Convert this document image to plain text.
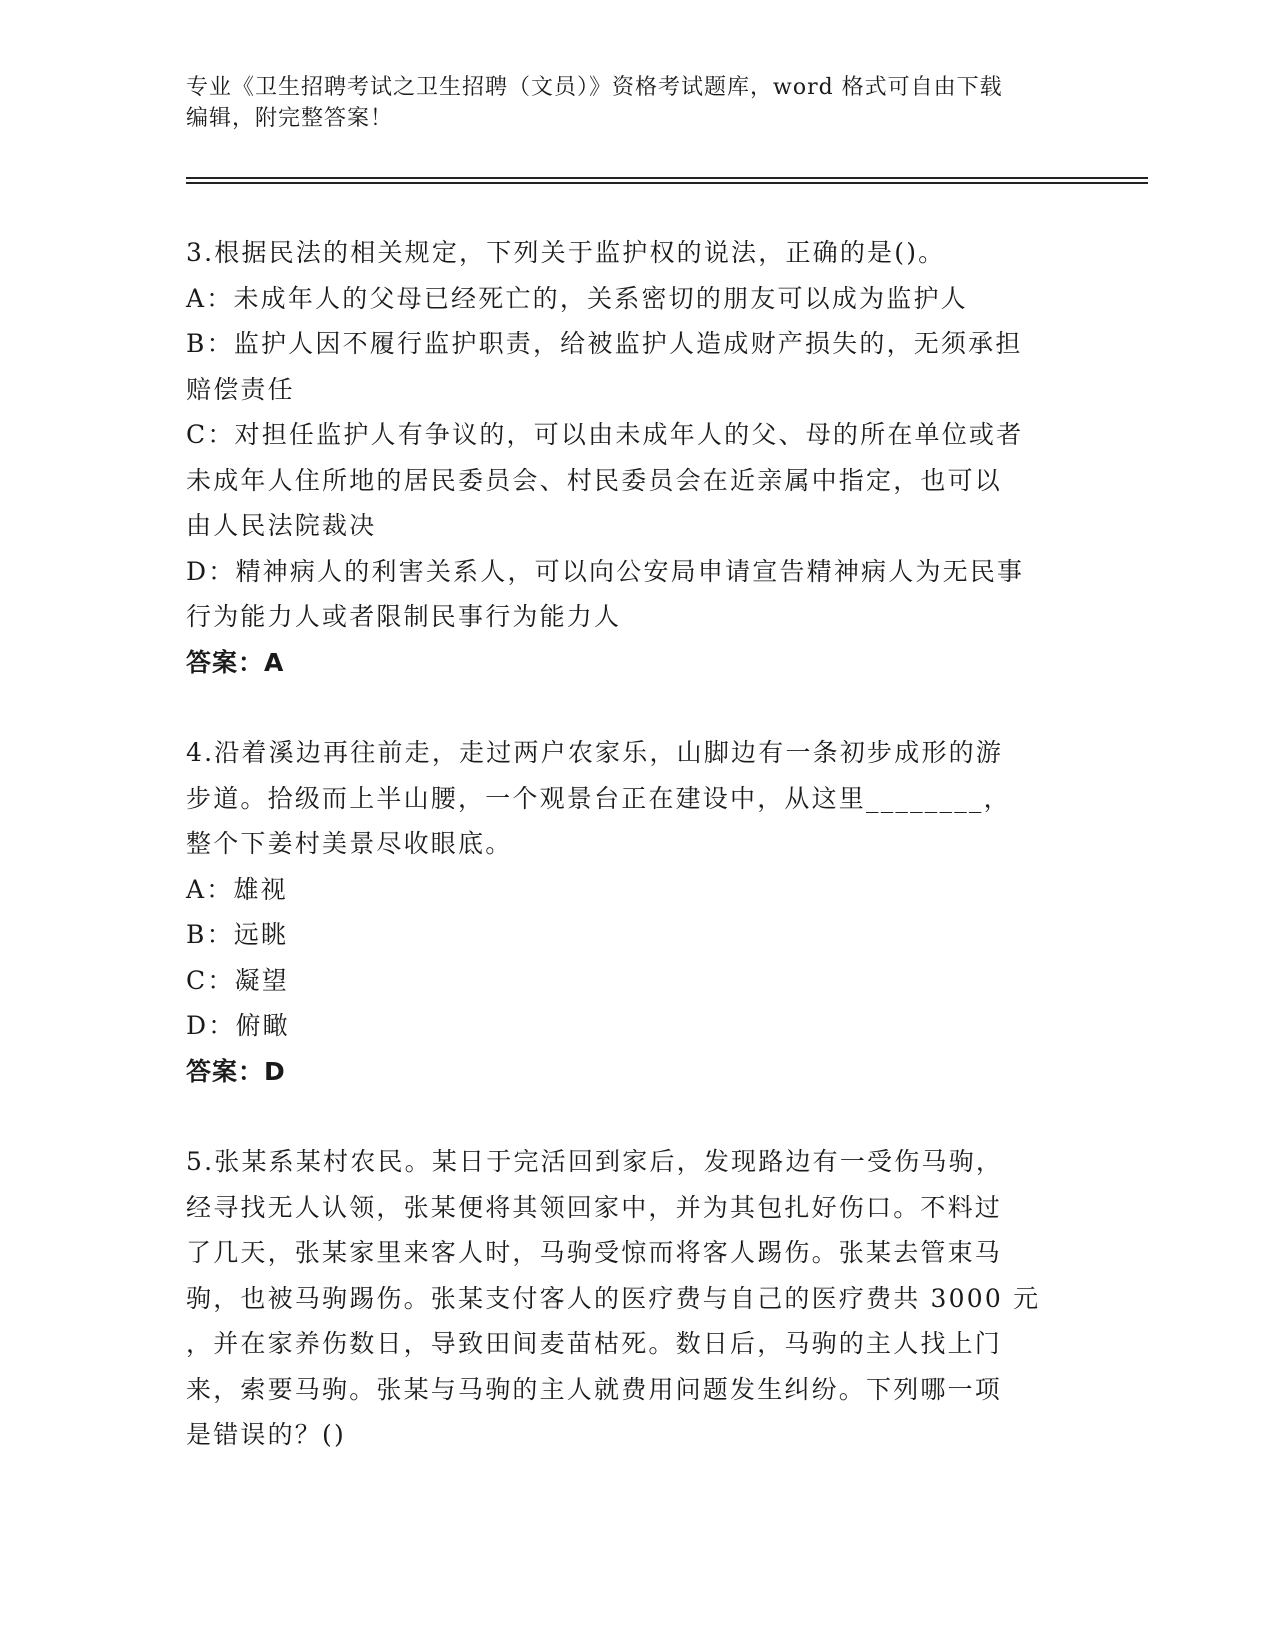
专业《卫生招聘考试之卫生招聘（文员）》资格考试题库，word 格式可自由下载
编辑，附完整答案！

3.根据民法的相关规定，下列关于监护权的说法，正确的是()。

A：未成年人的父母已经死亡的，关系密切的朋友可以成为监护人

B：监护人因不履行监护职责，给被监护人造成财产损失的，无须承担

赔偿责任

C：对担任监护人有争议的，可以由未成年人的父、母的所在单位或者

未成年人住所地的居民委员会、村民委员会在近亲属中指定，也可以

由人民法院裁决

D：精神病人的利害关系人，可以向公安局申请宣告精神病人为无民事

行为能力人或者限制民事行为能力人

答案：A

4.沿着溪边再往前走，走过两户农家乐，山脚边有一条初步成形的游

步道。拾级而上半山腰，一个观景台正在建设中，从这里________，

整个下姜村美景尽收眼底。

A：雄视

B：远眺

C：凝望

D：俯瞰

答案：D

5.张某系某村农民。某日于完活回到家后，发现路边有一受伤马驹，

经寻找无人认领，张某便将其领回家中，并为其包扎好伤口。不料过

了几天，张某家里来客人时，马驹受惊而将客人踢伤。张某去管束马

驹，也被马驹踢伤。张某支付客人的医疗费与自己的医疗费共 3000 元

，并在家养伤数日，导致田间麦苗枯死。数日后，马驹的主人找上门

来，索要马驹。张某与马驹的主人就费用问题发生纠纷。下列哪一项

是错误的？()
